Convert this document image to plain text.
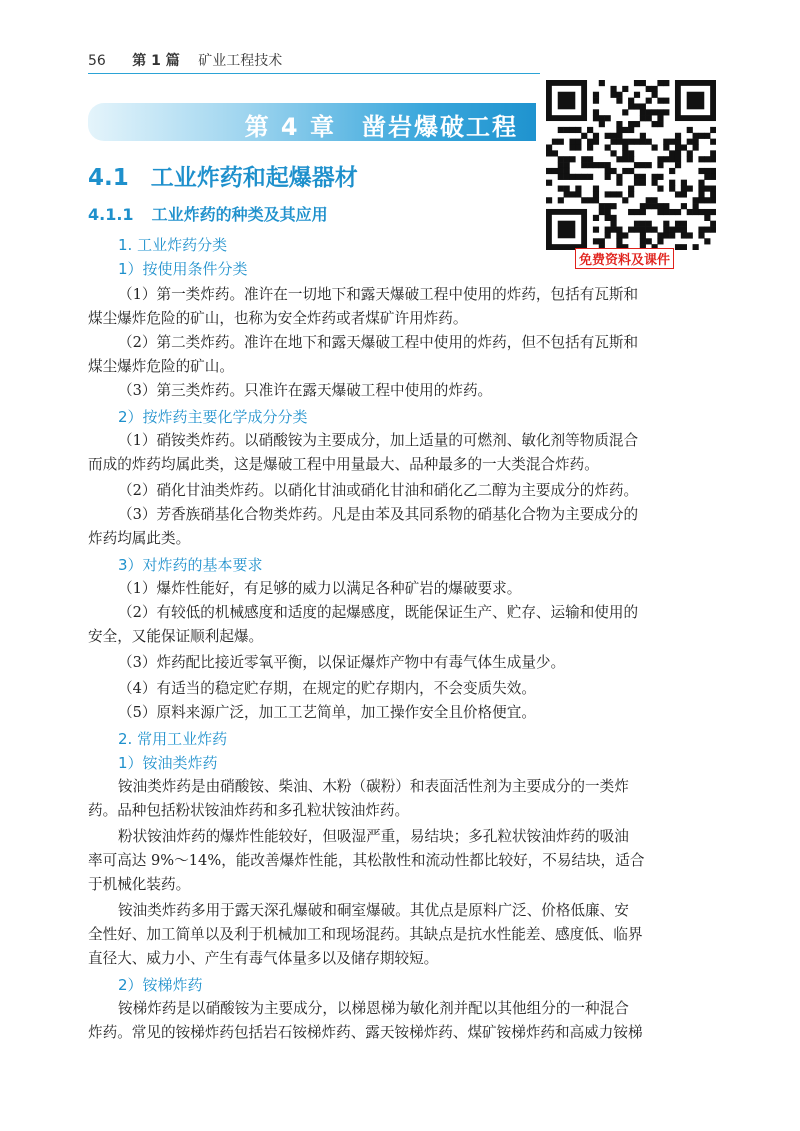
56 第 1 篇 矿业工程技术
第 4 章　凿岩爆破工程
免费资料及课件
4.1 工业炸药和起爆器材
4.1.1 工业炸药的种类及其应用
1. 工业炸药分类
1）按使用条件分类
（1）第一类炸药。准许在一切地下和露天爆破工程中使用的炸药，包括有瓦斯和
煤尘爆炸危险的矿山，也称为安全炸药或者煤矿许用炸药。
（2）第二类炸药。准许在地下和露天爆破工程中使用的炸药，但不包括有瓦斯和
煤尘爆炸危险的矿山。
（3）第三类炸药。只准许在露天爆破工程中使用的炸药。
2）按炸药主要化学成分分类
（1）硝铵类炸药。以硝酸铵为主要成分，加上适量的可燃剂、敏化剂等物质混合
而成的炸药均属此类，这是爆破工程中用量最大、品种最多的一大类混合炸药。
（2）硝化甘油类炸药。以硝化甘油或硝化甘油和硝化乙二醇为主要成分的炸药。
（3）芳香族硝基化合物类炸药。凡是由苯及其同系物的硝基化合物为主要成分的
炸药均属此类。
3）对炸药的基本要求
（1）爆炸性能好，有足够的威力以满足各种矿岩的爆破要求。
（2）有较低的机械感度和适度的起爆感度，既能保证生产、贮存、运输和使用的
安全，又能保证顺利起爆。
（3）炸药配比接近零氧平衡，以保证爆炸产物中有毒气体生成量少。
（4）有适当的稳定贮存期，在规定的贮存期内，不会变质失效。
（5）原料来源广泛，加工工艺简单，加工操作安全且价格便宜。
2. 常用工业炸药
1）铵油类炸药
铵油类炸药是由硝酸铵、柴油、木粉（碳粉）和表面活性剂为主要成分的一类炸
药。品种包括粉状铵油炸药和多孔粒状铵油炸药。
粉状铵油炸药的爆炸性能较好，但吸湿严重，易结块；多孔粒状铵油炸药的吸油
率可高达 9%～14%，能改善爆炸性能，其松散性和流动性都比较好，不易结块，适合
于机械化装药。
铵油类炸药多用于露天深孔爆破和硐室爆破。其优点是原料广泛、价格低廉、安
全性好、加工简单以及利于机械加工和现场混药。其缺点是抗水性能差、感度低、临界
直径大、威力小、产生有毒气体量多以及储存期较短。
2）铵梯炸药
铵梯炸药是以硝酸铵为主要成分，以梯恩梯为敏化剂并配以其他组分的一种混合
炸药。常见的铵梯炸药包括岩石铵梯炸药、露天铵梯炸药、煤矿铵梯炸药和高威力铵梯
